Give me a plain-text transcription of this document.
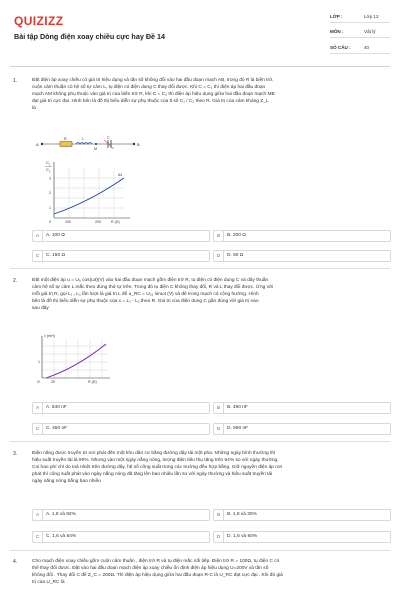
QUIZIZZ
Bài tập Dòng điện xoay chiều cực hay Đề 14
LỚP :	Lớp 12
MÔN :	Vật lý
SỐ CÂU :	40
1.	Đặt điện áp xoay chiều có giá trị hiệu dụng và tần số không đổi vào hai đầu đoạn mạch AB, trong đó R là biến trở,
cuộn cảm thuần có hệ số tự cảm L, tụ điện có điện dung C thay đổi được. Khi C = C₁ thì điện áp hai đầu đoạn
mạch AM không phụ thuộc vào giá trị của biến trở R, khi C = C₂ thì điện áp hiệu dụng giữa hai đầu đoạn mạch MB
đạt giá trị cực đại. Hình bên là đồ thị biểu diễn sự phụ thuộc của tỉ số C₁ / C₂ theo R. Giá trị của cảm kháng Z_L
là
A
R	L
M
C
B
C 1
C 2
3
2
1
0	100	200	R (Ω)
64
A	A. 100 Ω	B	B. 200 Ω
C	C. 150 Ω	D	D. 50 Ω
2.	Đặt một điện áp u = U₀ cos(ωt)(V) vào hai đầu đoạn mạch gồm điện trở R, tụ điện có điện dung C và dây thuần
cảm hệ số tự cảm L mắc theo đúng thứ tự trên. Trong đó tụ điện C không thay đổi, R và L thay đổi được. Ứng với
mỗi giá trị R, gọi L₁ , L₂ lần lượt là giá trị L để u_RC = U₀₁ sinωt (V) và để trong mạch có cộng hưởng. Hình
bên là đồ thị biểu diễn sự phụ thuộc của x = L₁ - L₂ theo R. Giá trị của điện dung C gần đúng với giá trị nào
sau đây
x (mH)
1
O	20	R (Ω)
A	A. 540 nF	B	B. 490 nF
C	C. 450 nF	D	D. 590 nF
3.	Điện năng được truyền từ nơi phát đến một khu dân cư bằng đường dây tải một pha. Những ngày bình thường thì
hiệu suất truyền tải là 90%. Nhưng vào một ngày nắng nóng, lượng điện tiêu thụ tăng trên 64% so với ngày thường.
Coi hao phí chỉ do toả nhiệt trên đường dây, hệ số công suất trong các trường đều hợp bằng. Giữ nguyên điện áp nơi
phát thì công suất phát vào ngày nắng nóng đã tăng lên bao nhiêu lần so với ngày thường và hiệu suất truyền tải
ngày nắng nóng bằng bao nhiêu
A	A. 1,8 và 82%	B	B. 1,8 và 30%
C	C. 1,6 và 84%	D	D. 1,6 và 80%
4.	Cho mạch điện xoay chiều gồm cuộn cảm thuần , điện trở R và tụ điện mắc nối tiếp. Điện trở R = 100Ω, tụ điện C có
thể thay đổi được. Đặt vào hai đầu đoạn mạch điện áp xoay chiều ổn định điện áp hiệu dụng U=200V và tần số
không đổi . Thay đổi C để Z_C = 200Ω. Thì điện áp hiệu dụng giữa hai đầu đoạn R-C là U_RC đạt cực đại . Khi đó giá
trị của U_RC là
